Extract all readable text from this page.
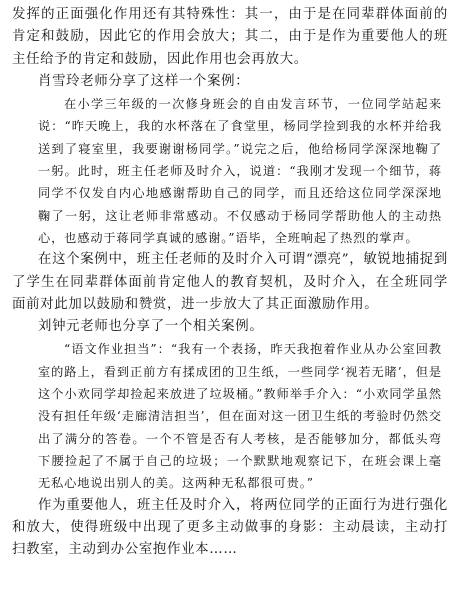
发挥的正面强化作用还有其特殊性：其一，由于是在同辈群体面前的肯定和鼓励，因此它的作用会放大；其二，由于是作为重要他人的班主任给予的肯定和鼓励，因此作用也会再放大。

肖雪玲老师分享了这样一个案例：

在小学三年级的一次修身班会的自由发言环节，一位同学站起来说：“昨天晚上，我的水杯落在了食堂里，杨同学捡到我的水杯并给我送到了寝室里，我要谢谢杨同学。”说完之后，他给杨同学深深地鞠了一躬。此时，班主任老师及时介入，说道：“我刚才发现一个细节，蒋同学不仅发自内心地感谢帮助自己的同学，而且还给这位同学深深地鞠了一躬，这让老师非常感动。不仅感动于杨同学帮助他人的主动热心，也感动于蒋同学真诚的感谢。”语毕，全班响起了热烈的掌声。

在这个案例中，班主任老师的及时介入可谓“漂亮”，敏锐地捕捉到了学生在同辈群体面前肯定他人的教育契机，及时介入，在全班同学面前对此加以鼓励和赞赏，进一步放大了其正面激励作用。

刘钟元老师也分享了一个相关案例。

“语文作业担当”：“我有一个表扬，昨天我抱着作业从办公室回教室的路上，看到正前方有揉成团的卫生纸，一些同学‘视若无睹’，但是这个小欢同学却捡起来放进了垃圾桶。”教师举手介入：“小欢同学虽然没有担任年级‘走廊清洁担当’，但在面对这一团卫生纸的考验时仍然交出了满分的答卷。一个不管是否有人考核，是否能够加分，都低头弯下腰捡起了不属于自己的垃圾；一个默默地观察记下，在班会课上毫无私心地说出别人的美。这两种无私都很可贵。”

作为重要他人，班主任及时介入，将两位同学的正面行为进行强化和放大，使得班级中出现了更多主动做事的身影：主动晨读，主动打扫教室，主动到办公室抱作业本……
